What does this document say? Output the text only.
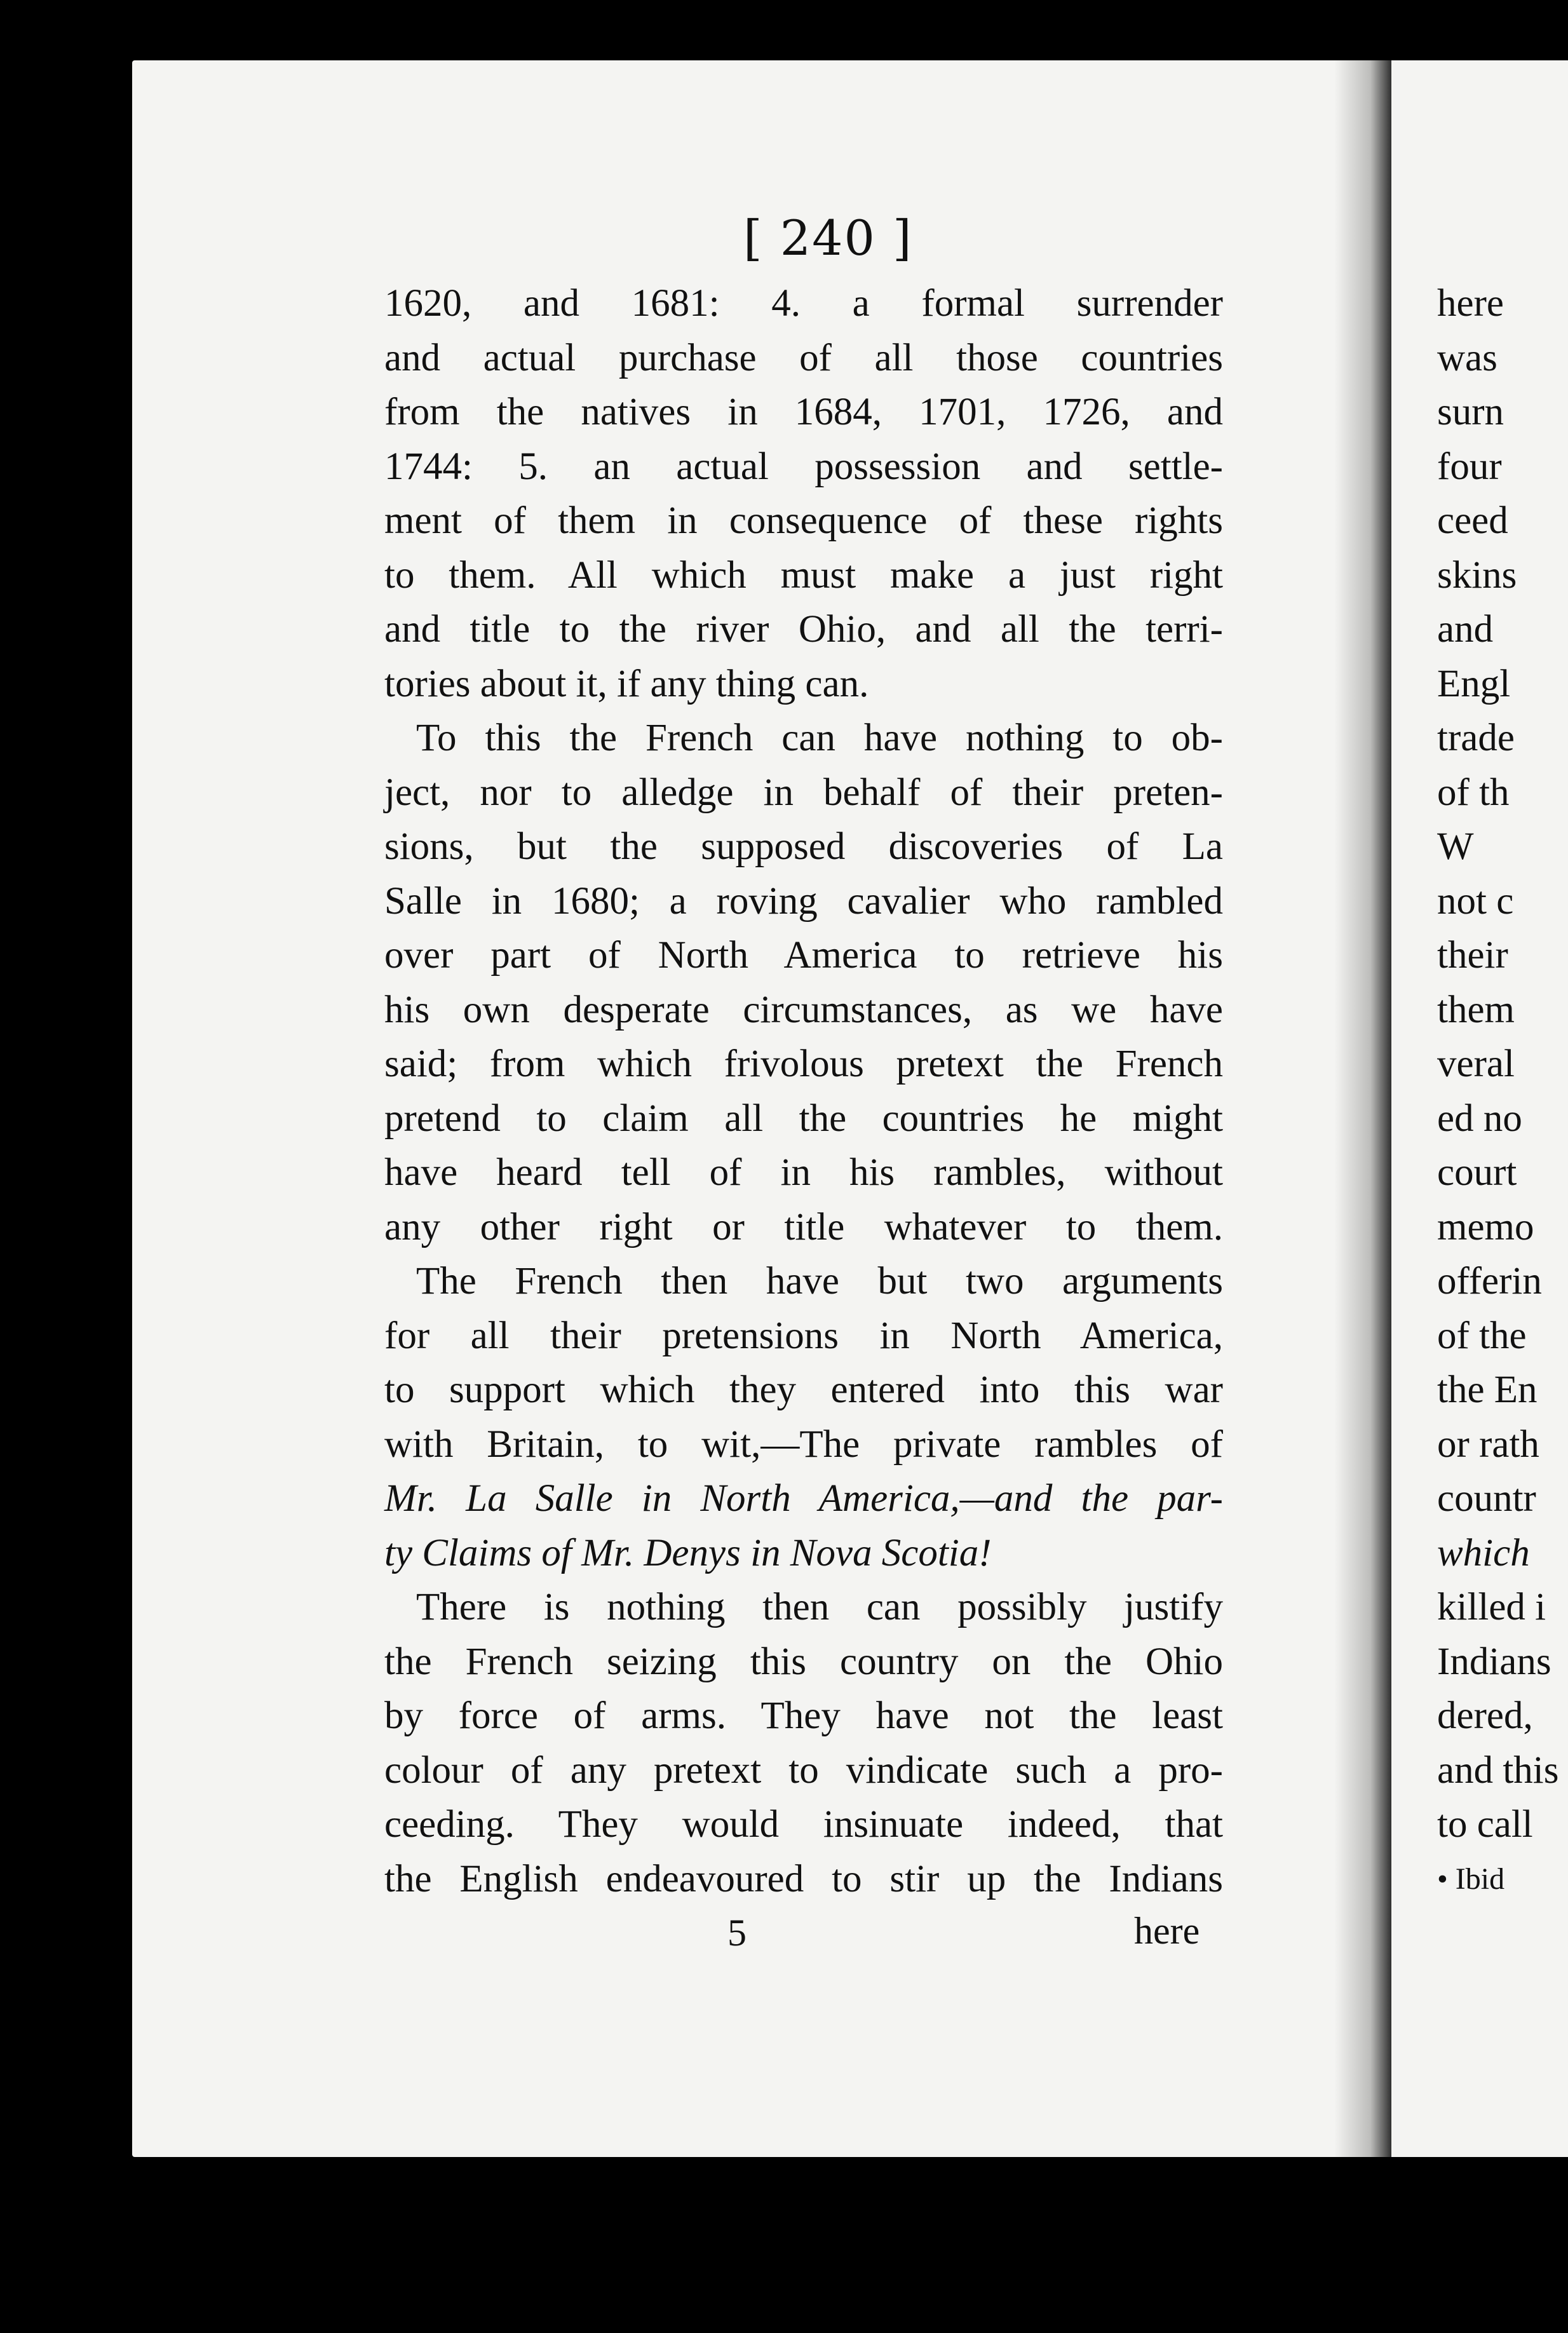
[ 240 ]
1620, and 1681: 4. a formal surrender
and actual purchase of all those countries
from the natives in 1684, 1701, 1726, and
1744: 5. an actual possession and settle-
ment of them in consequence of these rights
to them. All which must make a just right
and title to the river Ohio, and all the terri-
tories about it, if any thing can.
To this the French can have nothing to ob-
ject, nor to alledge in behalf of their preten-
sions, but the supposed discoveries of La
Salle in 1680; a roving cavalier who rambled
over part of North America to retrieve his
his own desperate circumstances, as we have
said; from which frivolous pretext the French
pretend to claim all the countries he might
have heard tell of in his rambles, without
any other right or title whatever to them.
The French then have but two arguments
for all their pretensions in North America,
to support which they entered into this war
with Britain, to wit,—The private rambles of
Mr. La Salle in North America,—and the par-
ty Claims of Mr. Denys in Nova Scotia!
There is nothing then can possibly justify
the French seizing this country on the Ohio
by force of arms. They have not the least
colour of any pretext to vindicate such a pro-
ceeding. They would insinuate indeed, that
the English endeavoured to stir up the Indians
5	here
here
was
surn
four
ceed
skins
and
Engl
trade
of th
W
not c
their
them
veral
ed no
court
memo
offerin
of the
the En
or rath
countr
which
killed i
Indians
dered,
and this
to call
• Ibid
